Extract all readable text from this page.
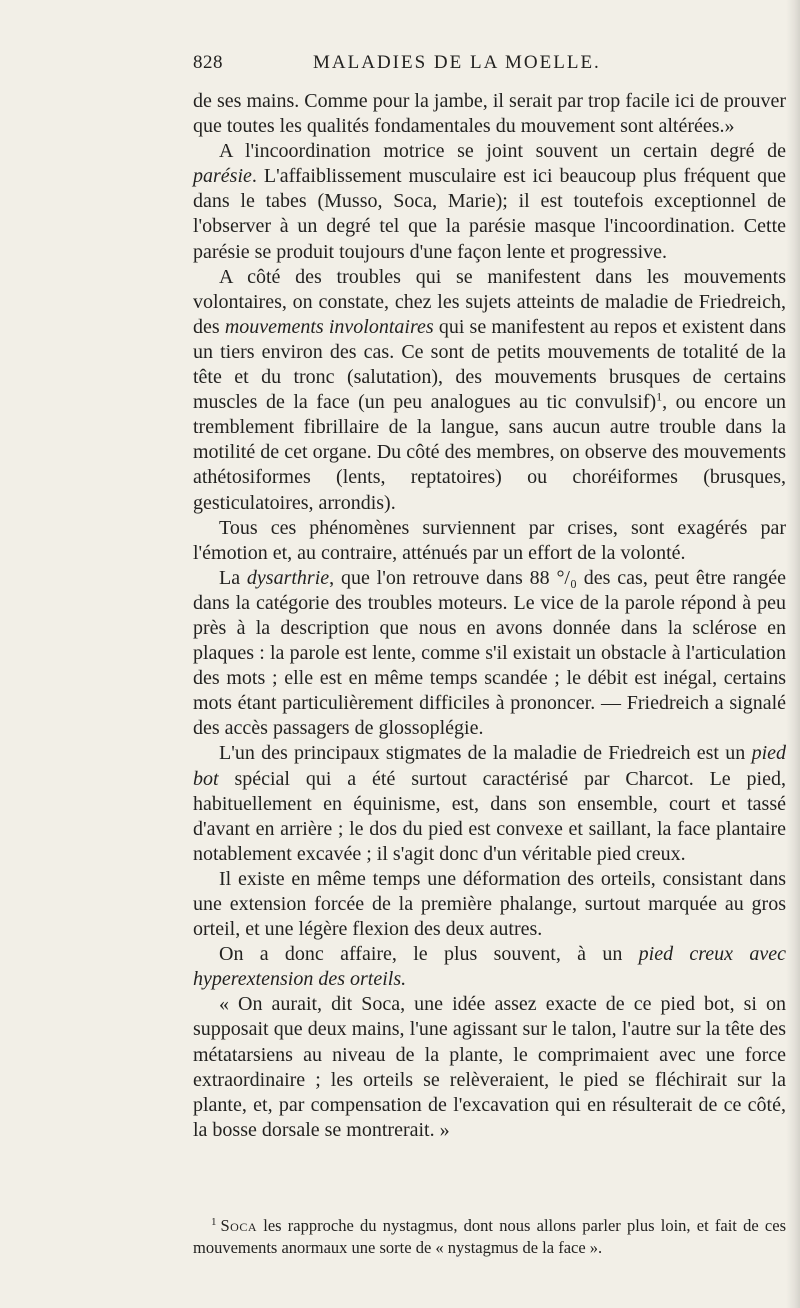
828	MALADIES DE LA MOELLE.

de ses mains. Comme pour la jambe, il serait par trop facile ici de prouver que toutes les qualités fondamentales du mouvement sont altérées.»

A l'incoordination motrice se joint souvent un certain degré de parésie. L'affaiblissement musculaire est ici beaucoup plus fréquent que dans le tabes (Musso, Soca, Marie); il est toutefois exceptionnel de l'observer à un degré tel que la parésie masque l'incoordination. Cette parésie se produit toujours d'une façon lente et progressive.

A côté des troubles qui se manifestent dans les mouvements volontaires, on constate, chez les sujets atteints de maladie de Friedreich, des mouvements involontaires qui se manifestent au repos et existent dans un tiers environ des cas. Ce sont de petits mouvements de totalité de la tête et du tronc (salutation), des mouvements brusques de certains muscles de la face (un peu analogues au tic convulsif)$^1$, ou encore un tremblement fibrillaire de la langue, sans aucun autre trouble dans la motilité de cet organe. Du côté des membres, on observe des mouvements athétosiformes (lents, reptatoires) ou choréiformes (brusques, gesticulatoires, arrondis).

Tous ces phénomènes surviennent par crises, sont exagérés par l'émotion et, au contraire, atténués par un effort de la volonté.

La dysarthrie, que l'on retrouve dans 88 °/₀ des cas, peut être rangée dans la catégorie des troubles moteurs. Le vice de la parole répond à peu près à la description que nous en avons donnée dans la sclérose en plaques : la parole est lente, comme s'il existait un obstacle à l'articulation des mots ; elle est en même temps scandée ; le débit est inégal, certains mots étant particulièrement difficiles à prononcer. — Friedreich a signalé des accès passagers de glossoplégie.

L'un des principaux stigmates de la maladie de Friedreich est un pied bot spécial qui a été surtout caractérisé par Charcot. Le pied, habituellement en équinisme, est, dans son ensemble, court et tassé d'avant en arrière ; le dos du pied est convexe et saillant, la face plantaire notablement excavée ; il s'agit donc d'un véritable pied creux.

Il existe en même temps une déformation des orteils, consistant dans une extension forcée de la première phalange, surtout marquée au gros orteil, et une légère flexion des deux autres.

On a donc affaire, le plus souvent, à un pied creux avec hyperextension des orteils.

« On aurait, dit Soca, une idée assez exacte de ce pied bot, si on supposait que deux mains, l'une agissant sur le talon, l'autre sur la tête des métatarsiens au niveau de la plante, le comprimaient avec une force extraordinaire ; les orteils se relèveraient, le pied se fléchirait sur la plante, et, par compensation de l'excavation qui en résulterait de ce côté, la bosse dorsale se montrerait. »

$^1$ Soca les rapproche du nystagmus, dont nous allons parler plus loin, et fait de ces mouvements anormaux une sorte de « nystagmus de la face ».
